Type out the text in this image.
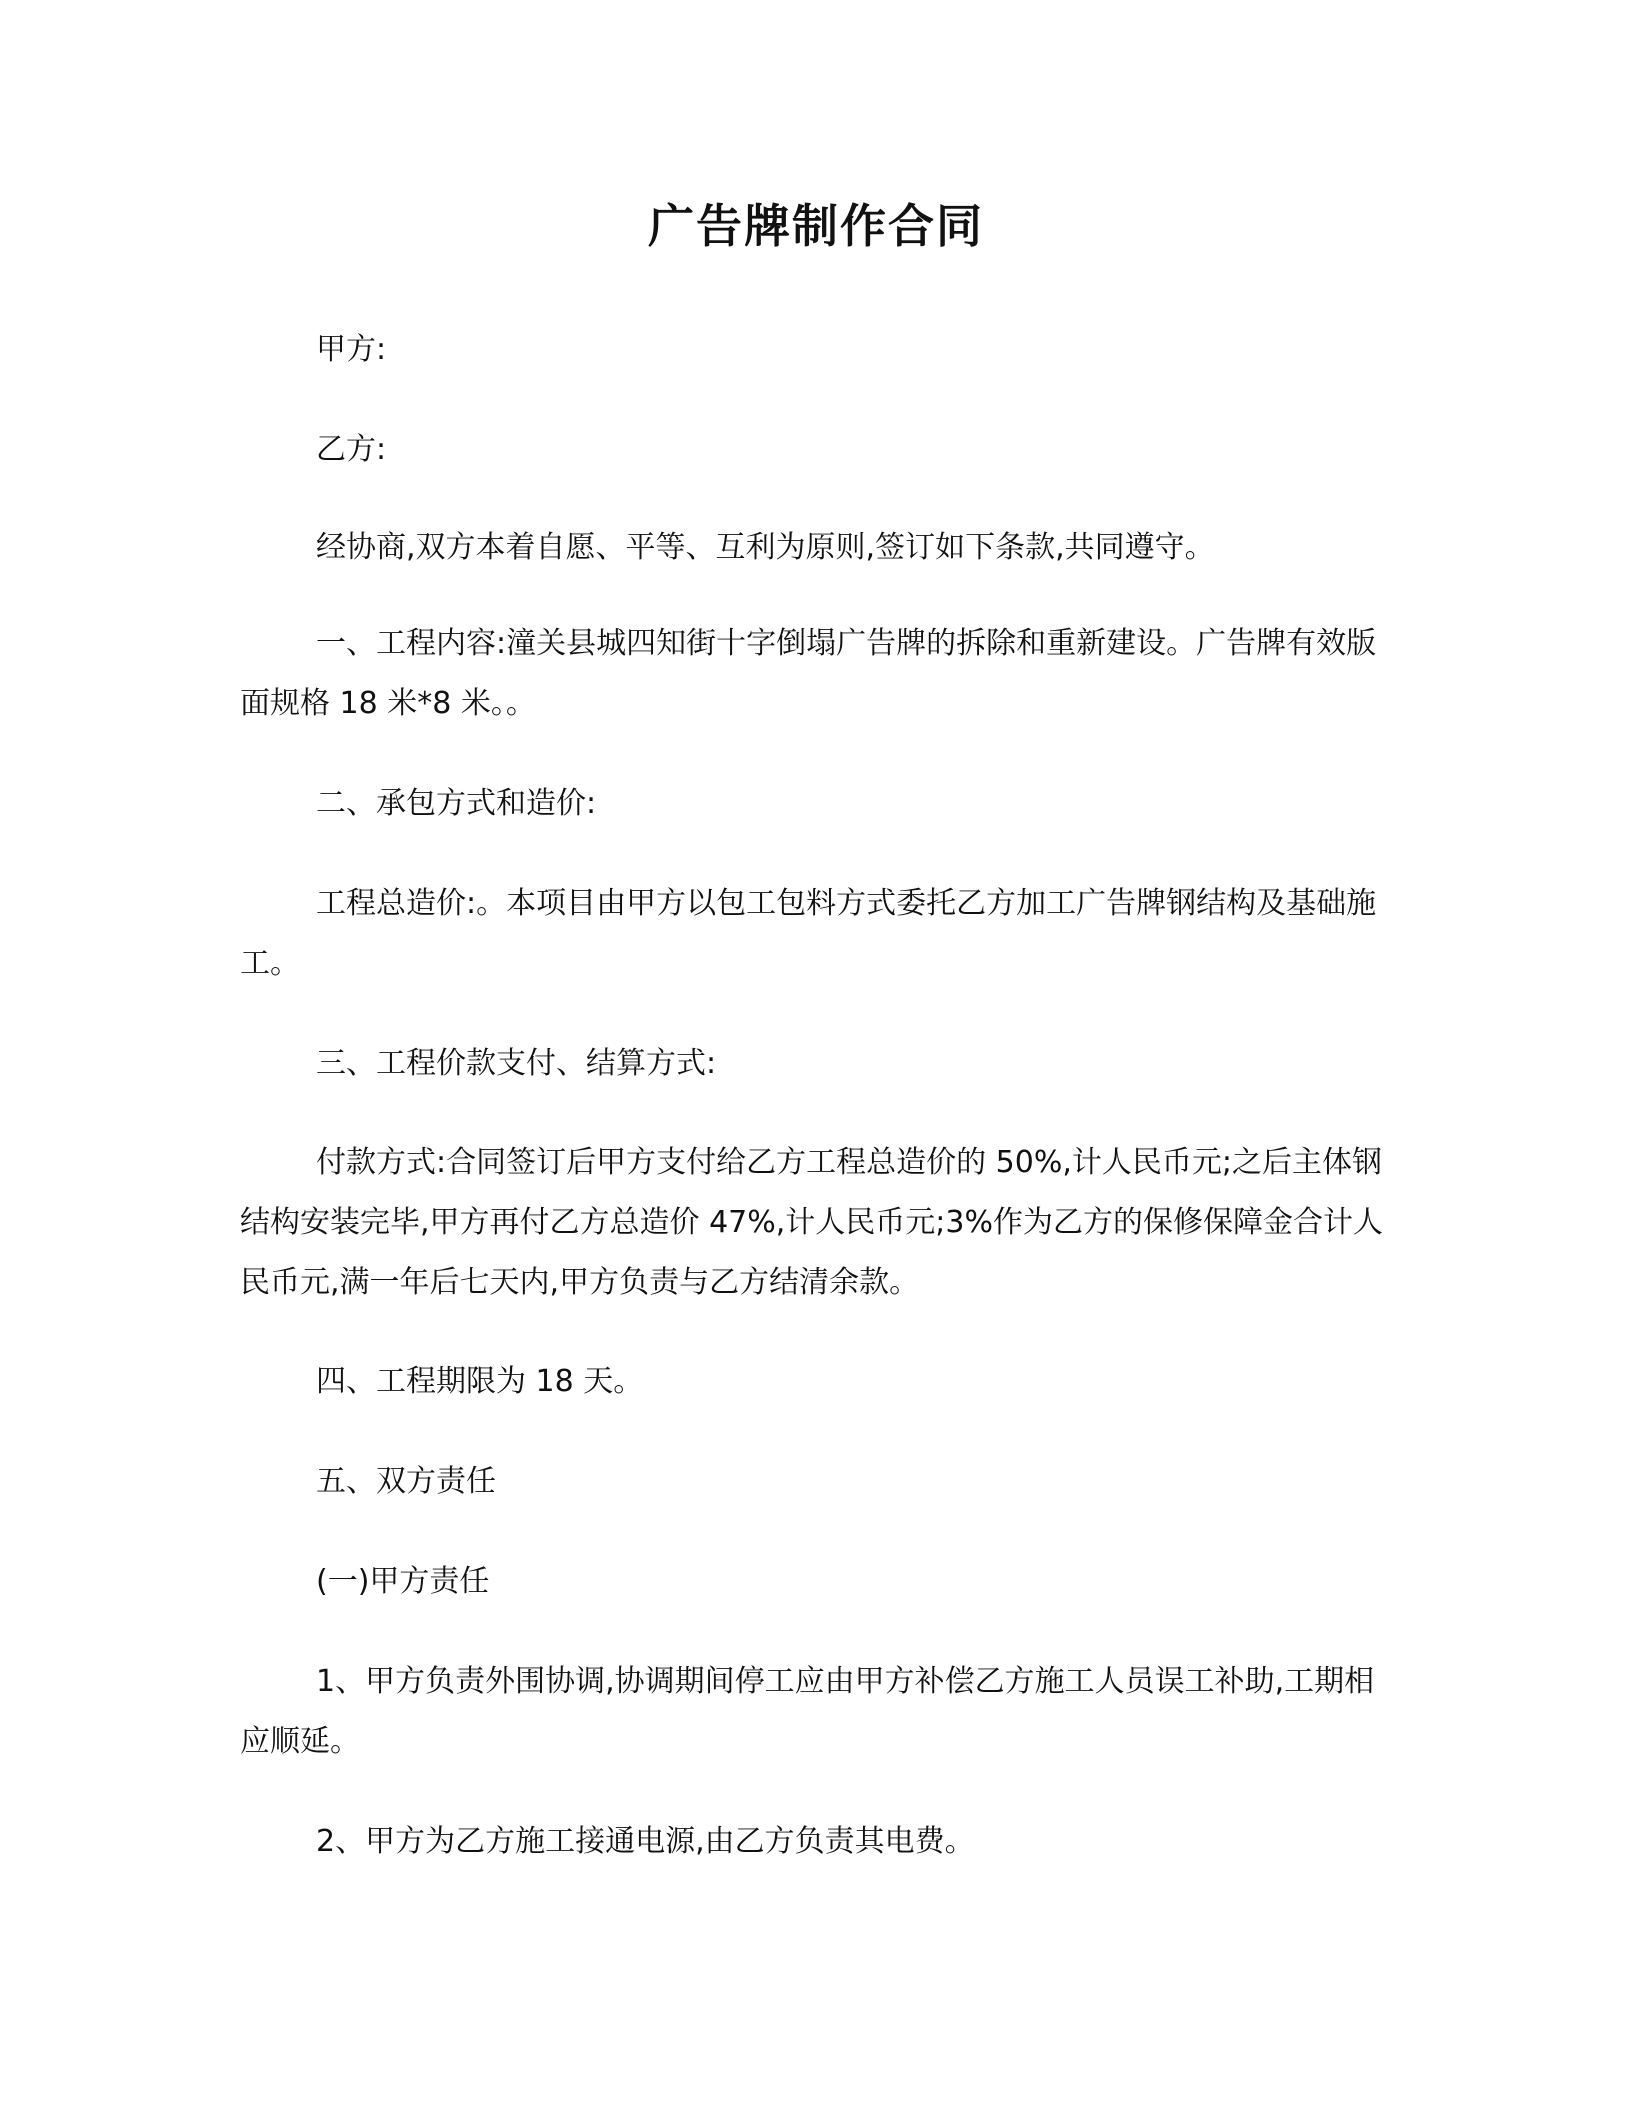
广告牌制作合同
甲方:
乙方:
经协商,双方本着自愿、平等、互利为原则,签订如下条款,共同遵守。
一、工程内容:潼关县城四知街十字倒塌广告牌的拆除和重新建设。广告牌有效版面规格 18 米*8 米。。
二、承包方式和造价:
工程总造价:。本项目由甲方以包工包料方式委托乙方加工广告牌钢结构及基础施工。
三、工程价款支付、结算方式:
付款方式:合同签订后甲方支付给乙方工程总造价的 50%,计人民币元;之后主体钢结构安装完毕,甲方再付乙方总造价 47%,计人民币元;3%作为乙方的保修保障金合计人民币元,满一年后七天内,甲方负责与乙方结清余款。
四、工程期限为 18 天。
五、双方责任
(一)甲方责任
1、甲方负责外围协调,协调期间停工应由甲方补偿乙方施工人员误工补助,工期相应顺延。
2、甲方为乙方施工接通电源,由乙方负责其电费。
